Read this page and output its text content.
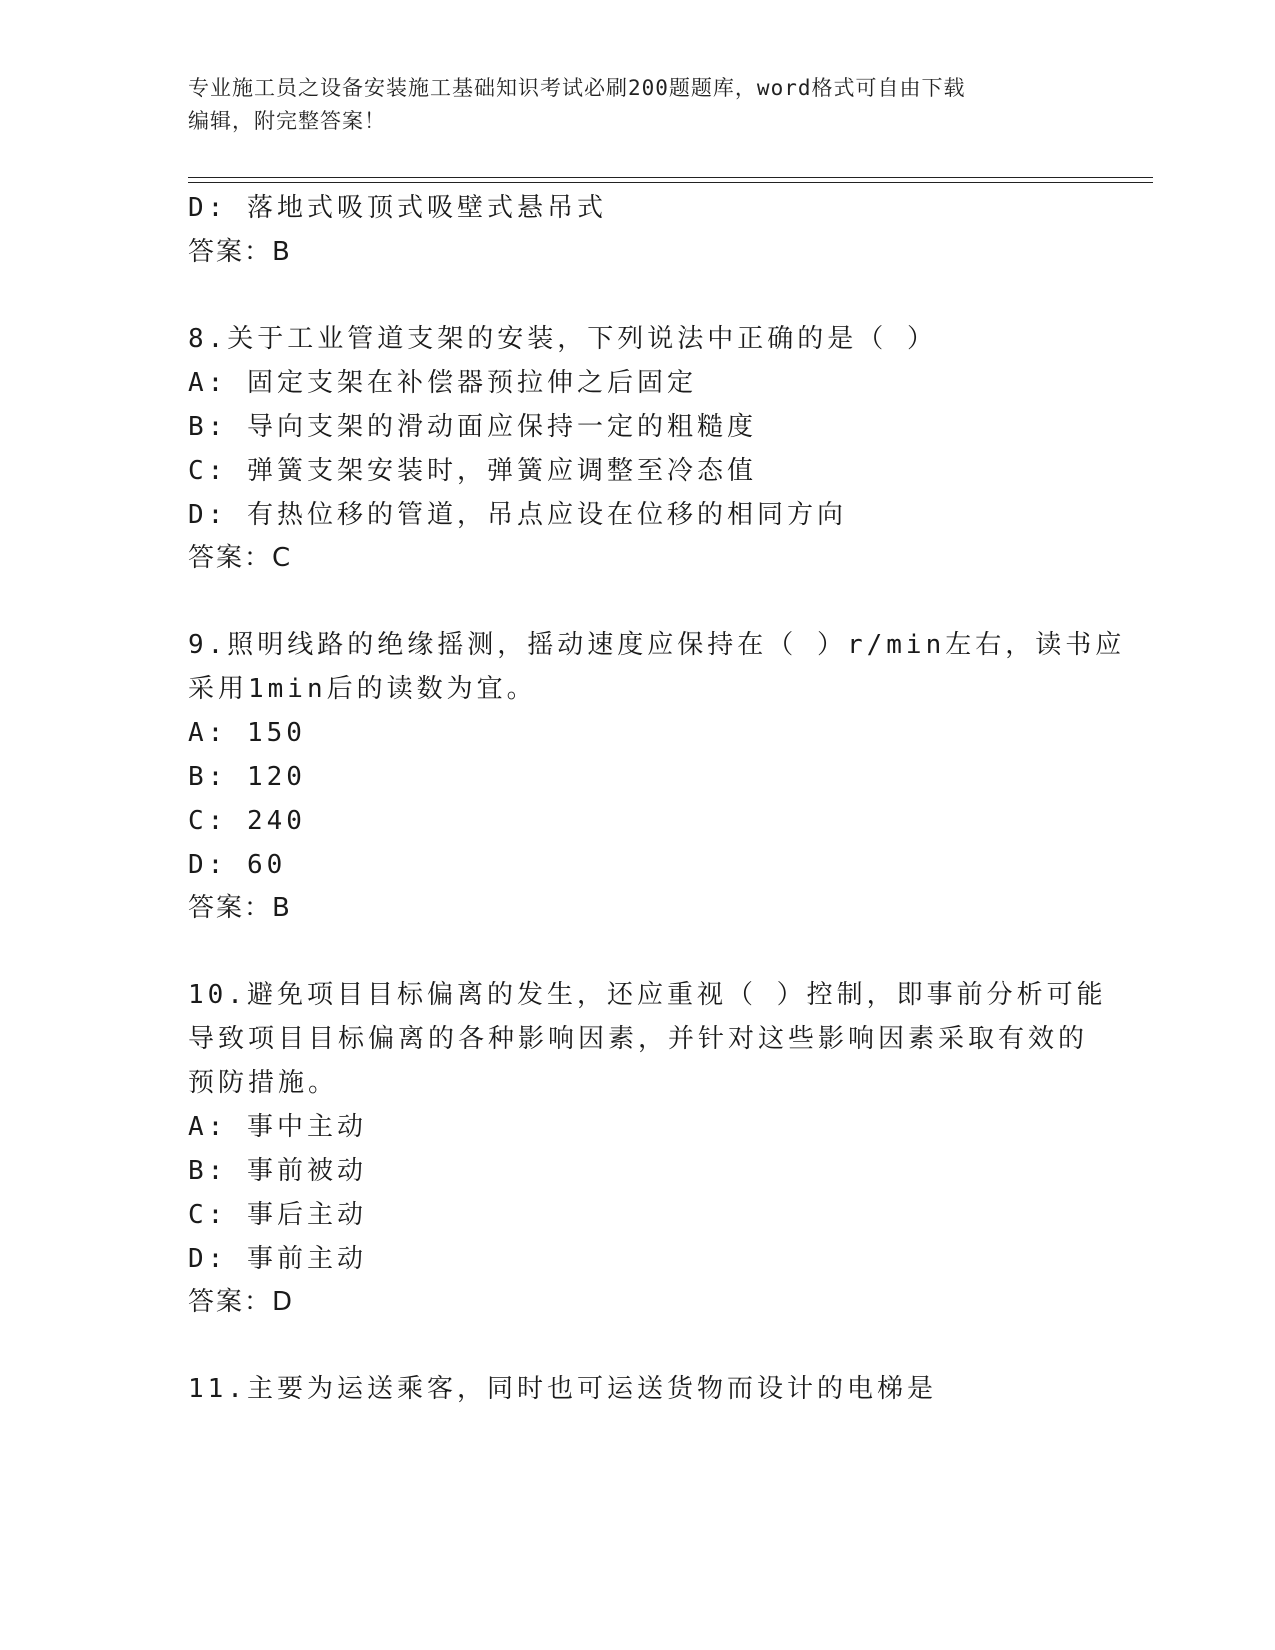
专业施工员之设备安装施工基础知识考试必刷200题题库，word格式可自由下载
编辑，附完整答案！
D: 落地式吸顶式吸壁式悬吊式
答案：B
8.关于工业管道支架的安装，下列说法中正确的是（ ）
A: 固定支架在补偿器预拉伸之后固定
B: 导向支架的滑动面应保持一定的粗糙度
C: 弹簧支架安装时，弹簧应调整至冷态值
D: 有热位移的管道，吊点应设在位移的相同方向
答案：C
9.照明线路的绝缘摇测，摇动速度应保持在（ ）r/min左右，读书应
采用1min后的读数为宜。
A: 150
B: 120
C: 240
D: 60
答案：B
10.避免项目目标偏离的发生，还应重视（ ）控制，即事前分析可能
导致项目目标偏离的各种影响因素，并针对这些影响因素采取有效的
预防措施。
A: 事中主动
B: 事前被动
C: 事后主动
D: 事前主动
答案：D
11.主要为运送乘客，同时也可运送货物而设计的电梯是
